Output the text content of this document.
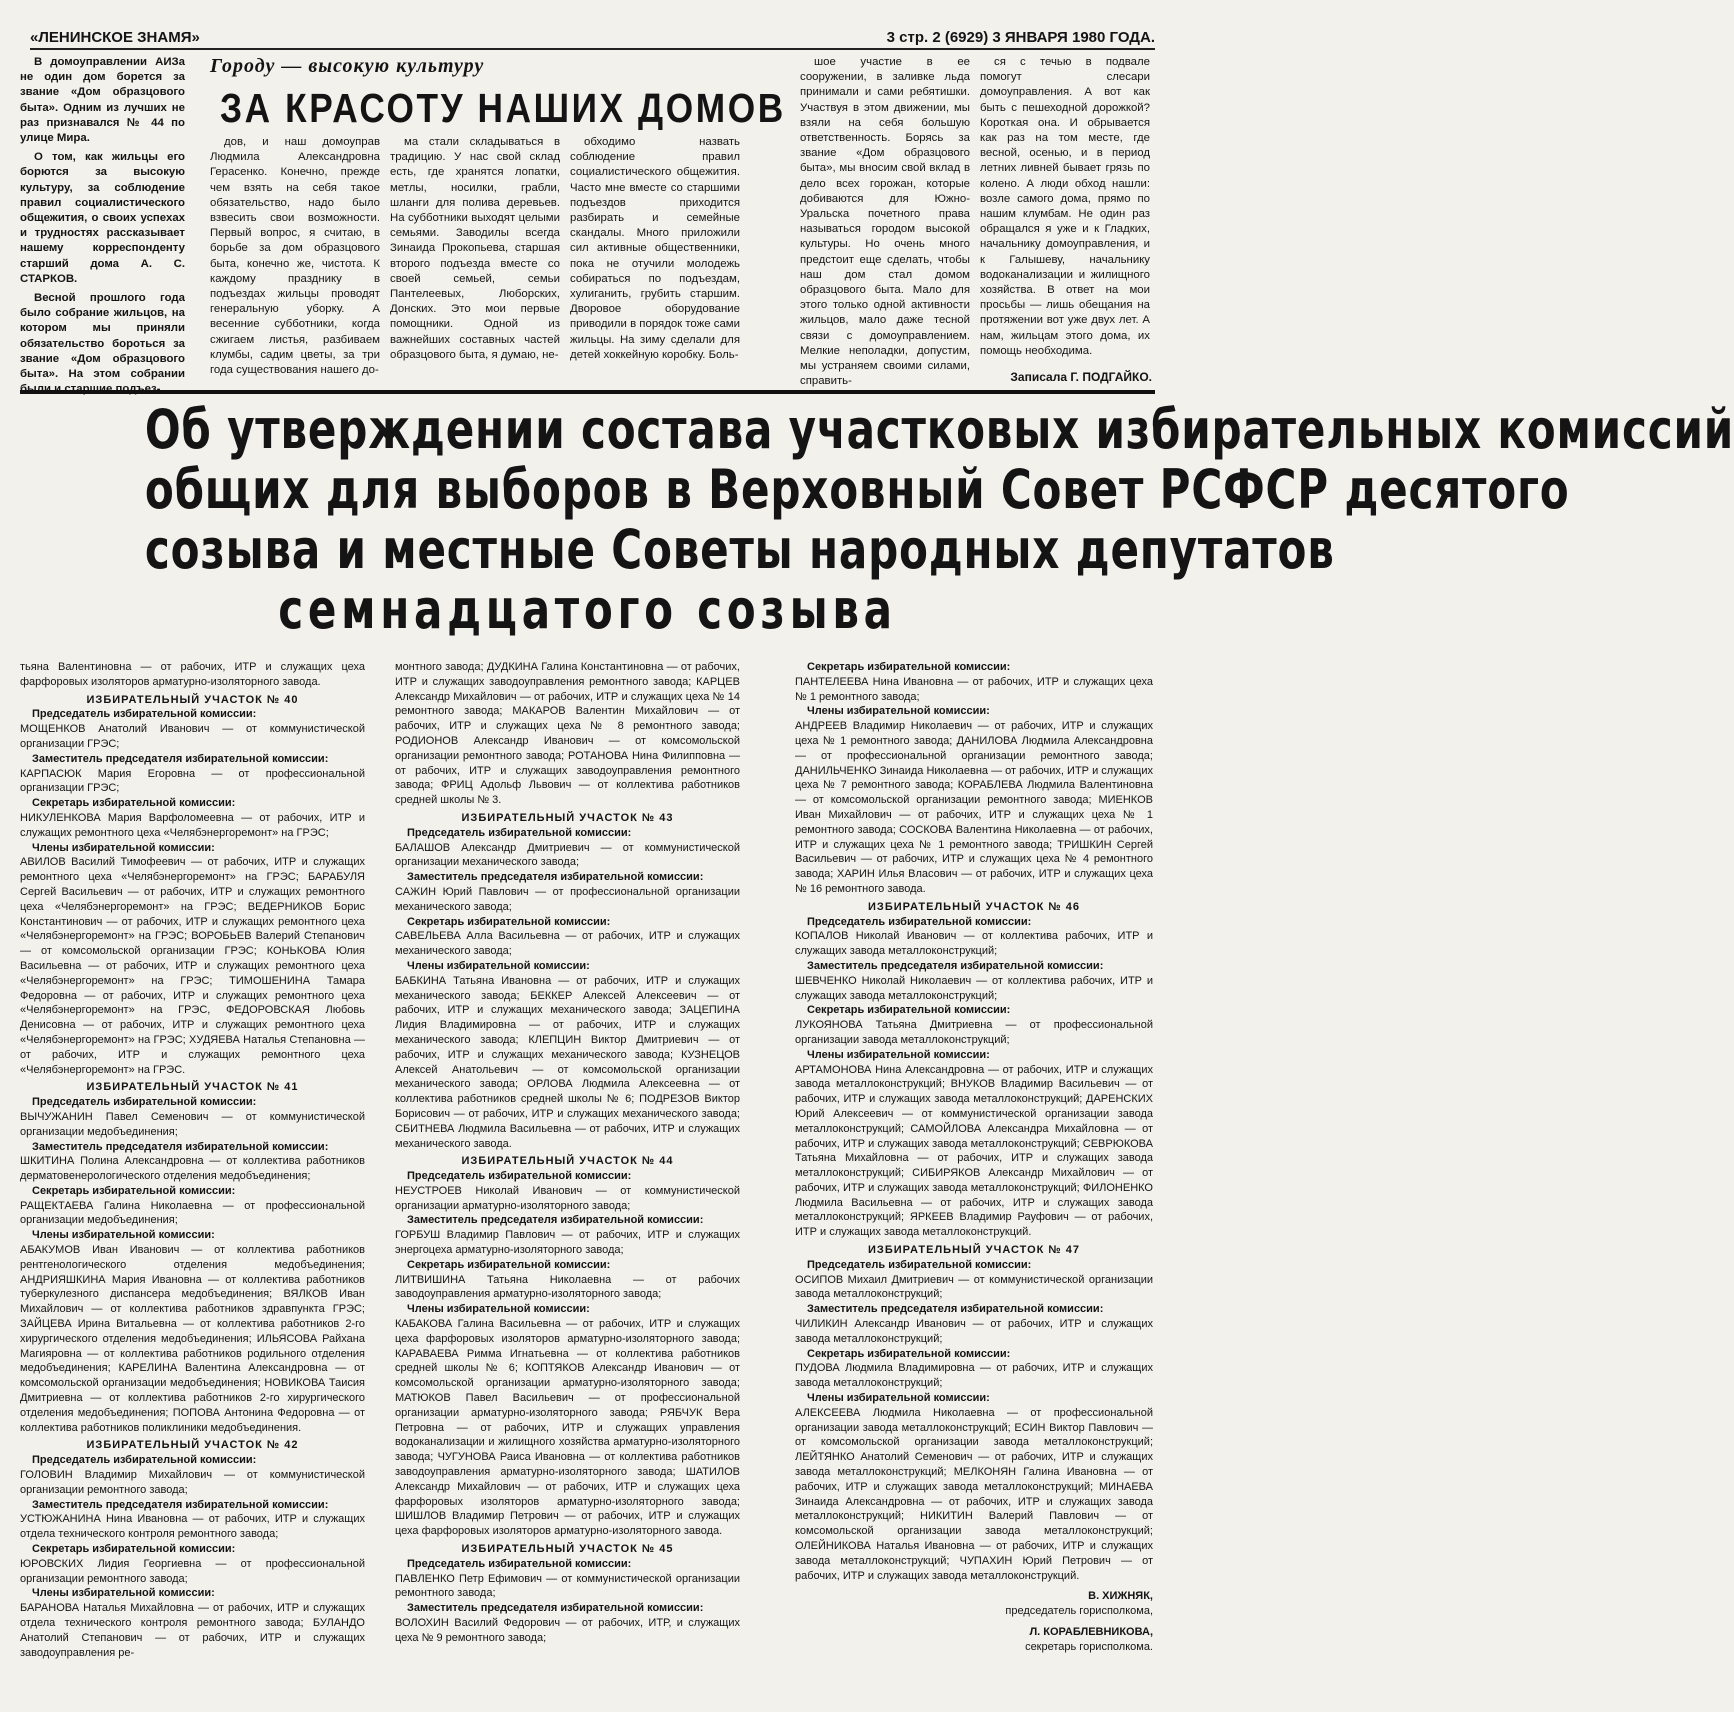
«ЛЕНИНСКОЕ ЗНАМЯ»	3 стр. 2 (6929) 3 ЯНВАРЯ 1980 ГОДА.

В домоуправлении АИЗа не один дом борется за звание «Дом образцового быта». Одним из лучших не раз признавался № 44 по улице Мира.

О том, как жильцы его борются за высокую культуру, за соблюдение правил социалистического общежития, о своих успехах и трудностях рассказывает нашему корреспонденту старший дома А. С. СТАРКОВ.

Весной прошлого года было собрание жильцов, на котором мы приняли обязательство бороться за звание «Дом образцового быта». На этом собрании были и старшие подъез-

Городу — высокую культуру
ЗА КРАСОТУ НАШИХ ДОМОВ

дов, и наш домоуправ Людмила Александровна Герасенко. Конечно, прежде чем взять на себя такое обязательство, надо было взвесить свои возможности. Первый вопрос, я считаю, в борьбе за дом образцового быта, конечно же, чистота. К каждому празднику в подъездах жильцы проводят генеральную уборку. А весенние субботники, когда сжигаем листья, разбиваем клумбы, садим цветы, за три года существования нашего до-

ма стали складываться в традицию. У нас свой склад есть, где хранятся лопатки, метлы, носилки, грабли, шланги для полива деревьев. На субботники выходят целыми семьями. Заводилы всегда Зинаида Прокопьева, старшая второго подъезда вместе со своей семьей, семьи Пантелеевых, Люборских, Донских. Это мои первые помощники. Одной из важнейших составных частей образцового быта, я думаю, не-

обходимо назвать соблюдение правил социалистического общежития. Часто мне вместе со старшими подъездов приходится разбирать и семейные скандалы. Много приложили сил активные общественники, пока не отучили молодежь собираться по подъездам, хулиганить, грубить старшим. Дворовое оборудование приводили в порядок тоже сами жильцы. На зиму сделали для детей хоккейную коробку. Боль-

шое участие в ее сооружении, в заливке льда принимали и сами ребятишки. Участвуя в этом движении, мы взяли на себя большую ответственность. Борясь за звание «Дом образцового быта», мы вносим свой вклад в дело всех горожан, которые добиваются для Южно-Уральска почетного права называться городом высокой культуры. Но очень много предстоит еще сделать, чтобы наш дом стал домом образцового быта. Мало для этого только одной активности жильцов, мало даже тесной связи с домоуправлением. Мелкие неполадки, допустим, мы устраняем своими силами, справить-

ся с течью в подвале помогут слесари домоуправления. А вот как быть с пешеходной дорожкой? Короткая она. И обрывается как раз на том месте, где весной, осенью, и в период летних ливней бывает грязь по колено. А люди обход нашли: возле самого дома, прямо по нашим клумбам. Не один раз обращался я уже и к Гладких, начальнику домоуправления, и к Галышеву, начальнику водоканализации и жилищного хозяйства. В ответ на мои просьбы — лишь обещания на протяжении вот уже двух лет. А нам, жильцам этого дома, их помощь необходима.

Записала Г. ПОДГАЙКО.
Об утверждении состава участковых избирательных комиссий
общих для выборов в Верховный Совет РСФСР десятого
созыва и местные Советы народных депутатов
семнадцатого созыва
тьяна Валентиновна — от рабочих, ИТР и служащих цеха фарфоровых изоляторов арматурно-изоляторного завода.
ИЗБИРАТЕЛЬНЫЙ УЧАСТОК № 40
Председатель избирательной комиссии:
МОЩЕНКОВ Анатолий Иванович — от коммунистической организации ГРЭС;
Заместитель председателя избирательной комиссии:
КАРПАСЮК Мария Егоровна — от профессиональной организации ГРЭС;
Секретарь избирательной комиссии:
НИКУЛЕНКОВА Мария Варфоломеевна — от рабочих, ИТР и служащих ремонтного цеха «Челябэнергоремонт» на ГРЭС;
Члены избирательной комиссии:
АВИЛОВ Василий Тимофеевич — от рабочих, ИТР и служащих ремонтного цеха «Челябэнергоремонт» на ГРЭС; БАРАБУЛЯ Сергей Васильевич — от рабочих, ИТР и служащих ремонтного цеха «Челябэнергоремонт» на ГРЭС; ВЕДЕРНИКОВ Борис Константинович — от рабочих, ИТР и служащих ремонтного цеха «Челябэнергоремонт» на ГРЭС; ВОРОБЬЕВ Валерий Степанович — от комсомольской организации ГРЭС; КОНЬКОВА Юлия Васильевна — от рабочих, ИТР и служащих ремонтного цеха «Челябэнергоремонт» на ГРЭС; ТИМОШЕНИНА Тамара Федоровна — от рабочих, ИТР и служащих ремонтного цеха «Челябэнергоремонт» на ГРЭС, ФЕДОРОВСКАЯ Любовь Денисовна — от рабочих, ИТР и служащих ремонтного цеха «Челябэнергоремонт» на ГРЭС; ХУДЯЕВА Наталья Степановна — от рабочих, ИТР и служащих ремонтного цеха «Челябэнергоремонт» на ГРЭС.
ИЗБИРАТЕЛЬНЫЙ УЧАСТОК № 41
Председатель избирательной комиссии:
ВЫЧУЖАНИН Павел Семенович — от коммунистической организации медобъединения;
Заместитель председателя избирательной комиссии:
ШКИТИНА Полина Александровна — от коллектива работников дерматовенерологического отделения медобъединения;
Секретарь избирательной комиссии:
РАЩЕКТАЕВА Галина Николаевна — от профессиональной организации медобъединения;
Члены избирательной комиссии:
АБАКУМОВ Иван Иванович — от коллектива работников рентгенологического отделения медобъединения; АНДРИЯШКИНА Мария Ивановна — от коллектива работников туберкулезного диспансера медобъединения; ВЯЛКОВ Иван Михайлович — от коллектива работников здравпункта ГРЭС; ЗАЙЦЕВА Ирина Витальевна — от коллектива работников 2-го хирургического отделения медобъединения; ИЛЬЯСОВА Райхана Магияровна — от коллектива работников родильного отделения медобъединения; КАРЕЛИНА Валентина Александровна — от комсомольской организации медобъединения; НОВИКОВА Таисия Дмитриевна — от коллектива работников 2-го хирургического отделения медобъединения; ПОПОВА Антонина Федоровна — от коллектива работников поликлиники медобъединения.
ИЗБИРАТЕЛЬНЫЙ УЧАСТОК № 42
Председатель избирательной комиссии:
ГОЛОВИН Владимир Михайлович — от коммунистической организации ремонтного завода;
Заместитель председателя избирательной комиссии:
УСТЮЖАНИНА Нина Ивановна — от рабочих, ИТР и служащих отдела технического контроля ремонтного завода;
Секретарь избирательной комиссии:
ЮРОВСКИХ Лидия Георгиевна — от профессиональной организации ремонтного завода;
Члены избирательной комиссии:
БАРАНОВА Наталья Михайловна — от рабочих, ИТР и служащих отдела технического контроля ремонтного завода; БУЛАНДО Анатолий Степанович — от рабочих, ИТР и служащих заводоуправления ре-
монтного завода; ДУДКИНА Галина Константиновна — от рабочих, ИТР и служащих заводоуправления ремонтного завода; КАРЦЕВ Александр Михайлович — от рабочих, ИТР и служащих цеха № 14 ремонтного завода; МАКАРОВ Валентин Михайлович — от рабочих, ИТР и служащих цеха № 8 ремонтного завода; РОДИОНОВ Александр Иванович — от комсомольской организации ремонтного завода; РОТАНОВА Нина Филипповна — от рабочих, ИТР и служащих заводоуправления ремонтного завода; ФРИЦ Адольф Львович — от коллектива работников средней школы № 3.
ИЗБИРАТЕЛЬНЫЙ УЧАСТОК № 43
Председатель избирательной комиссии:
БАЛАШОВ Александр Дмитриевич — от коммунистической организации механического завода;
Заместитель председателя избирательной комиссии:
САЖИН Юрий Павлович — от профессиональной организации механического завода;
Секретарь избирательной комиссии:
САВЕЛЬЕВА Алла Васильевна — от рабочих, ИТР и служащих механического завода;
Члены избирательной комиссии:
БАБКИНА Татьяна Ивановна — от рабочих, ИТР и служащих механического завода; БЕККЕР Алексей Алексеевич — от рабочих, ИТР и служащих механического завода; ЗАЦЕПИНА Лидия Владимировна — от рабочих, ИТР и служащих механического завода; КЛЕПЦИН Виктор Дмитриевич — от рабочих, ИТР и служащих механического завода; КУЗНЕЦОВ Алексей Анатольевич — от комсомольской организации механического завода; ОРЛОВА Людмила Алексеевна — от коллектива работников средней школы № 6; ПОДРЕЗОВ Виктор Борисович — от рабочих, ИТР и служащих механического завода; СБИТНЕВА Людмила Васильевна — от рабочих, ИТР и служащих механического завода.
ИЗБИРАТЕЛЬНЫЙ УЧАСТОК № 44
Председатель избирательной комиссии:
НЕУСТРОЕВ Николай Иванович — от коммунистической организации арматурно-изоляторного завода;
Заместитель председателя избирательной комиссии:
ГОРБУШ Владимир Павлович — от рабочих, ИТР и служащих энергоцеха арматурно-изоляторного завода;
Секретарь избирательной комиссии:
ЛИТВИШИНА Татьяна Николаевна — от рабочих заводоуправления арматурно-изоляторного завода;
Члены избирательной комиссии:
КАБАКОВА Галина Васильевна — от рабочих, ИТР и служащих цеха фарфоровых изоляторов арматурно-изоляторного завода; КАРАВАЕВА Римма Игнатьевна — от коллектива работников средней школы № 6; КОПТЯКОВ Александр Иванович — от комсомольской организации арматурно-изоляторного завода; МАТЮКОВ Павел Васильевич — от профессиональной организации арматурно-изоляторного завода; РЯБЧУК Вера Петровна — от рабочих, ИТР и служащих управления водоканализации и жилищного хозяйства арматурно-изоляторного завода; ЧУГУНОВА Раиса Ивановна — от коллектива работников заводоуправления арматурно-изоляторного завода; ШАТИЛОВ Александр Михайлович — от рабочих, ИТР и служащих цеха фарфоровых изоляторов арматурно-изоляторного завода; ШИШЛОВ Владимир Петрович — от рабочих, ИТР и служащих цеха фарфоровых изоляторов арматурно-изоляторного завода.
ИЗБИРАТЕЛЬНЫЙ УЧАСТОК № 45
Председатель избирательной комиссии:
ПАВЛЕНКО Петр Ефимович — от коммунистической организации ремонтного завода;
Заместитель председателя избирательной комиссии:
ВОЛОХИН Василий Федорович — от рабочих, ИТР, и служащих цеха № 9 ремонтного завода;
Секретарь избирательной комиссии:
ПАНТЕЛЕЕВА Нина Ивановна — от рабочих, ИТР и служащих цеха № 1 ремонтного завода;
Члены избирательной комиссии:
АНДРЕЕВ Владимир Николаевич — от рабочих, ИТР и служащих цеха № 1 ремонтного завода; ДАНИЛОВА Людмила Александровна — от профессиональной организации ремонтного завода; ДАНИЛЬЧЕНКО Зинаида Николаевна — от рабочих, ИТР и служащих цеха № 7 ремонтного завода; КОРАБЛЕВА Людмила Валентиновна — от комсомольской организации ремонтного завода; МИЕНКОВ Иван Михайлович — от рабочих, ИТР и служащих цеха № 1 ремонтного завода; СОСКОВА Валентина Николаевна — от рабочих, ИТР и служащих цеха № 1 ремонтного завода; ТРИШКИН Сергей Васильевич — от рабочих, ИТР и служащих цеха № 4 ремонтного завода; ХАРИН Илья Власович — от рабочих, ИТР и служащих цеха № 16 ремонтного завода.
ИЗБИРАТЕЛЬНЫЙ УЧАСТОК № 46
Председатель избирательной комиссии:
КОПАЛОВ Николай Иванович — от коллектива рабочих, ИТР и служащих завода металлоконструкций;
Заместитель председателя избирательной комиссии:
ШЕВЧЕНКО Николай Николаевич — от коллектива рабочих, ИТР и служащих завода металлоконструкций;
Секретарь избирательной комиссии:
ЛУКОЯНОВА Татьяна Дмитриевна — от профессиональной организации завода металлоконструкций;
Члены избирательной комиссии:
АРТАМОНОВА Нина Александровна — от рабочих, ИТР и служащих завода металлоконструкций; ВНУКОВ Владимир Васильевич — от рабочих, ИТР и служащих завода металлоконструкций; ДАРЕНСКИХ Юрий Алексеевич — от коммунистической организации завода металлоконструкций; САМОЙЛОВА Александра Михайловна — от рабочих, ИТР и служащих завода металлоконструкций; СЕВРЮКОВА Татьяна Михайловна — от рабочих, ИТР и служащих завода металлоконструкций; СИБИРЯКОВ Александр Михайлович — от рабочих, ИТР и служащих завода металлоконструкций; ФИЛОНЕНКО Людмила Васильевна — от рабочих, ИТР и служащих завода металлоконструкций; ЯРКЕЕВ Владимир Рауфович — от рабочих, ИТР и служащих завода металлоконструкций.
ИЗБИРАТЕЛЬНЫЙ УЧАСТОК № 47
Председатель избирательной комиссии:
ОСИПОВ Михаил Дмитриевич — от коммунистической организации завода металлоконструкций;
Заместитель председателя избирательной комиссии:
ЧИЛИКИН Александр Иванович — от рабочих, ИТР и служащих завода металлоконструкций;
Секретарь избирательной комиссии:
ПУДОВА Людмила Владимировна — от рабочих, ИТР и служащих завода металлоконструкций;
Члены избирательной комиссии:
АЛЕКСЕЕВА Людмила Николаевна — от профессиональной организации завода металлоконструкций; ЕСИН Виктор Павлович — от комсомольской организации завода металлоконструкций; ЛЕЙТЯНКО Анатолий Семенович — от рабочих, ИТР и служащих завода металлоконструкций; МЕЛКОНЯН Галина Ивановна — от рабочих, ИТР и служащих завода металлоконструкций; МИНАЕВА Зинаида Александровна — от рабочих, ИТР и служащих завода металлоконструкций; НИКИТИН Валерий Павлович — от комсомольской организации завода металлоконструкций; ОЛЕЙНИКОВА Наталья Ивановна — от рабочих, ИТР и служащих завода металлоконструкций; ЧУПАХИН Юрий Петрович — от рабочих, ИТР и служащих завода металлоконструкций.
В. ХИЖНЯК,
председатель горисполкома,
Л. КОРАБЛЕВНИКОВА,
секретарь горисполкома.
